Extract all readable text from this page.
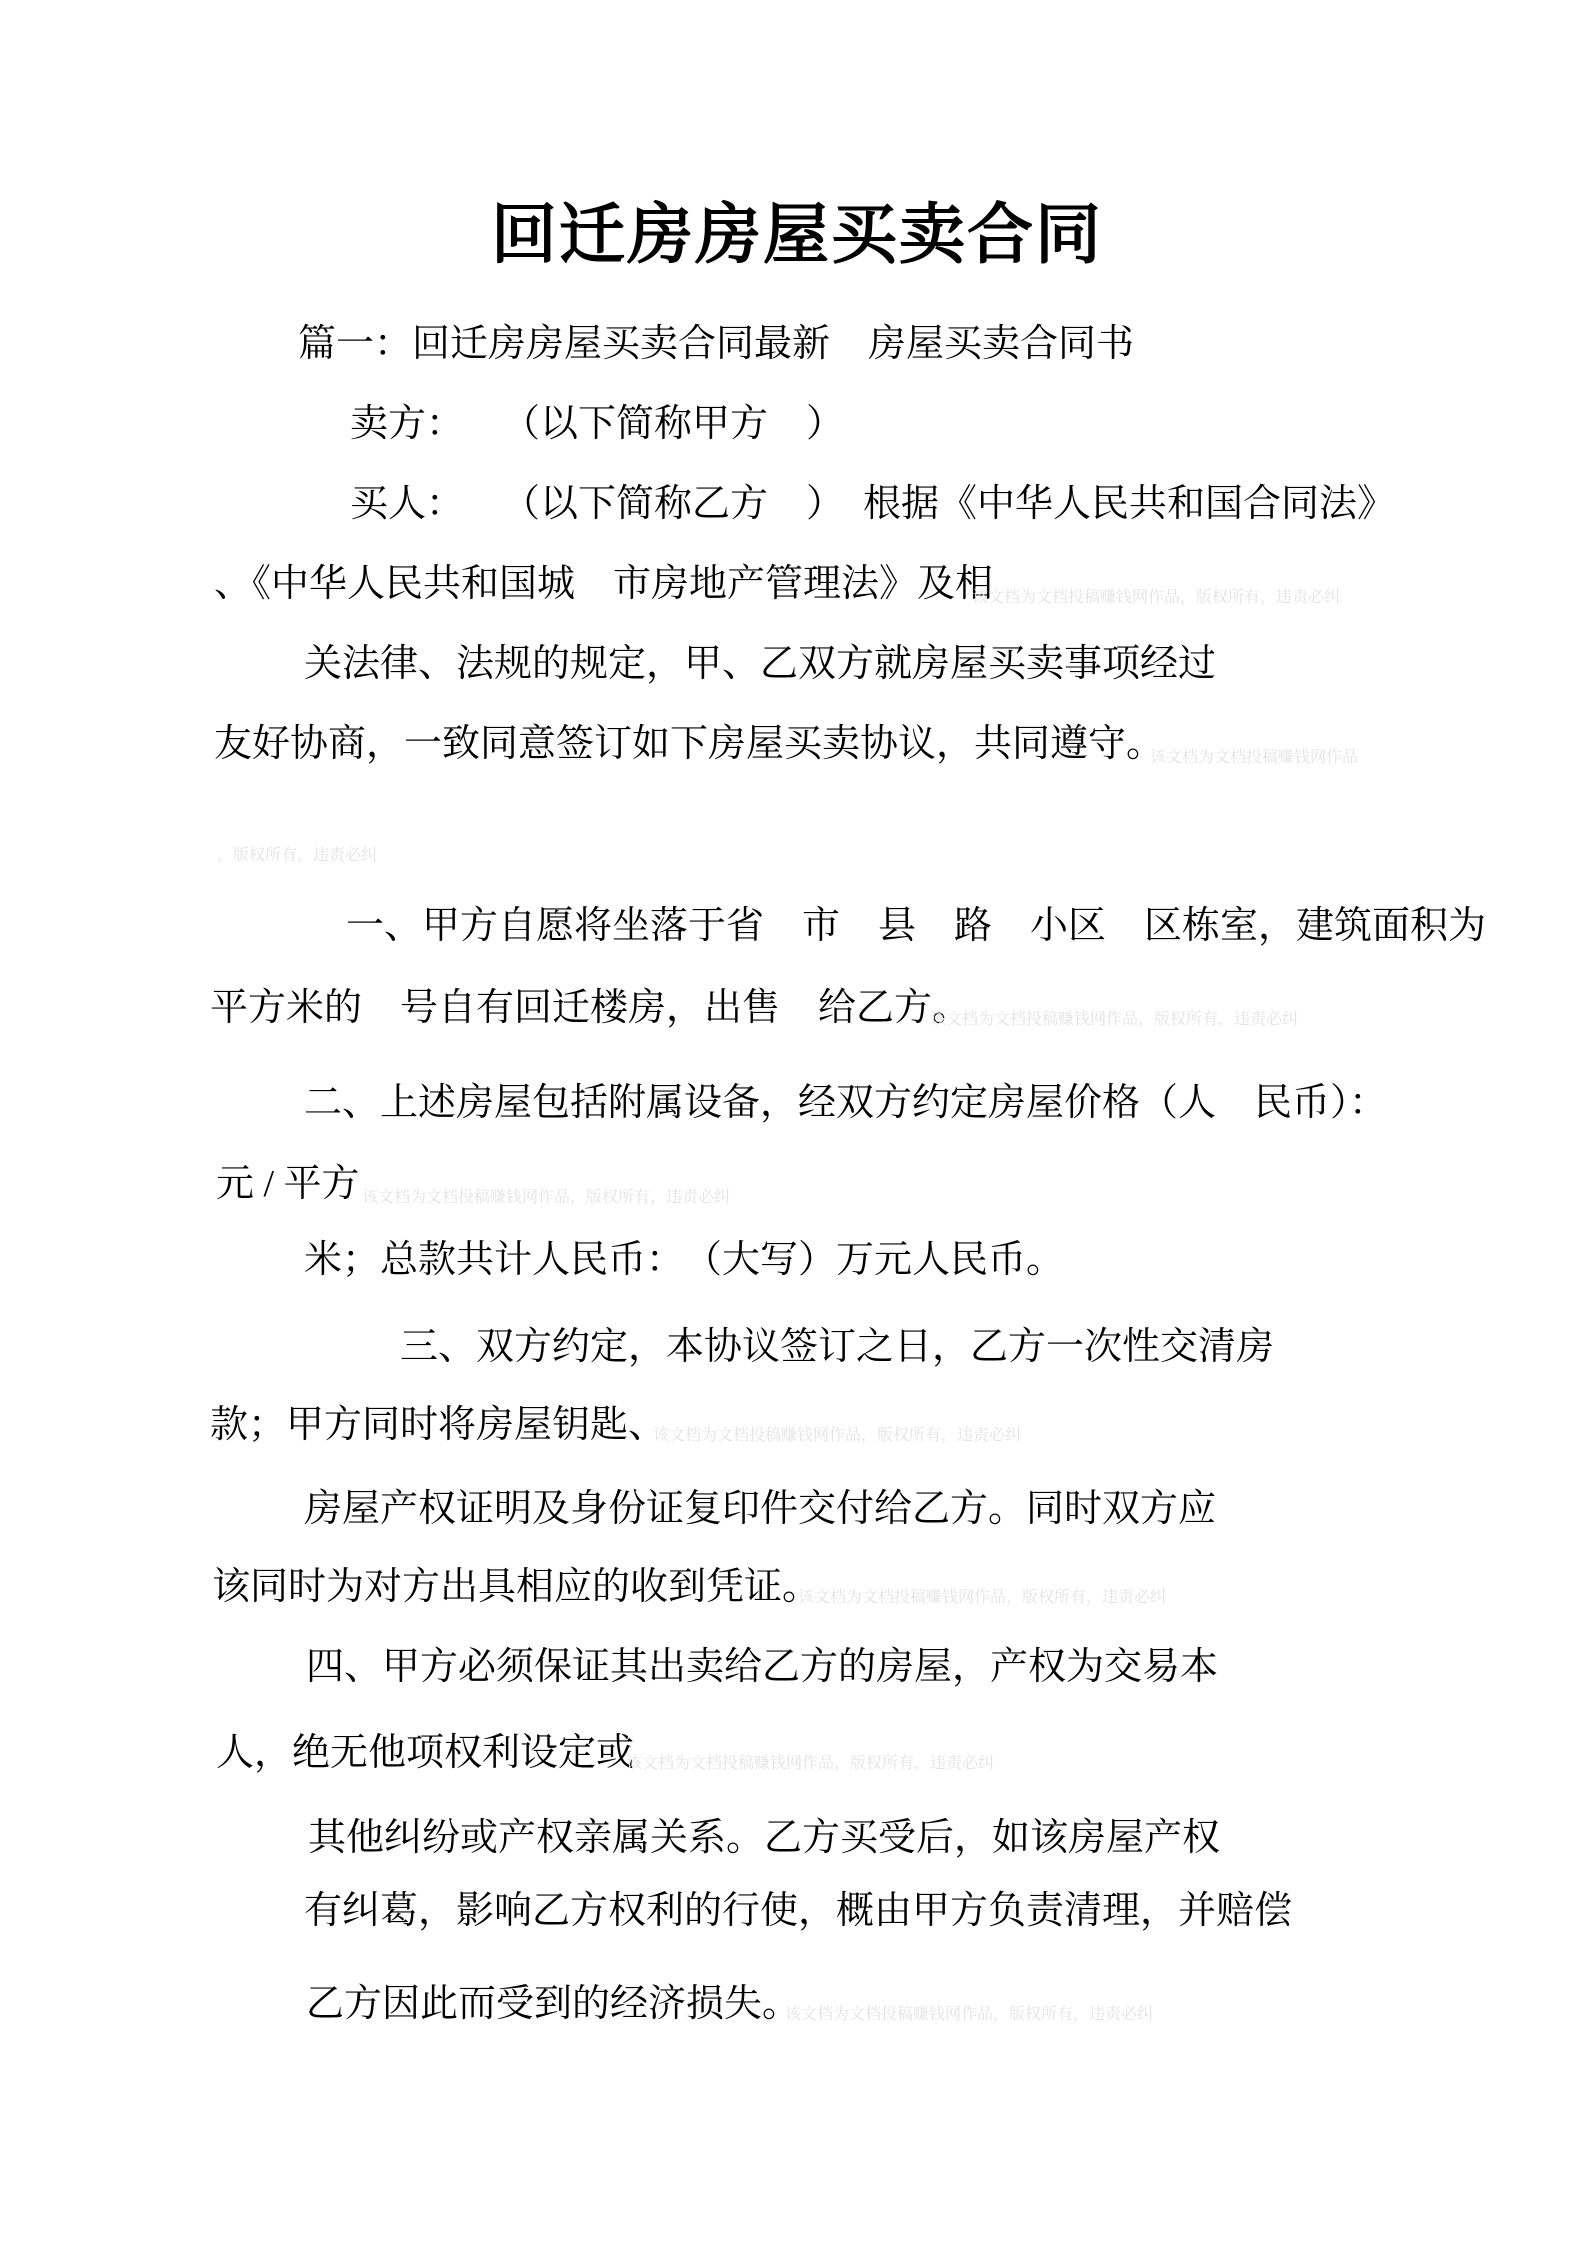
回迁房房屋买卖合同
篇一：回迁房房屋买卖合同最新　房屋买卖合同书
卖方：　　（以下简称甲方　）
买人：　　（以下简称乙方　）　根据《中华人民共和国合同法》
、《中华人民共和国城　市房地产管理法》及相
关法律、法规的规定，甲、乙双方就房屋买卖事项经过
友好协商，一致同意签订如下房屋买卖协议，共同遵守。
一、甲方自愿将坐落于省　市　县　路　小区　区栋室，建筑面积为
平方米的　号自有回迁楼房，出售　给乙方。
二、上述房屋包括附属设备，经双方约定房屋价格（人　民币）：
元 / 平方
米；总款共计人民币：　（大写）万元人民币。
三、双方约定，本协议签订之日，乙方一次性交清房
款；甲方同时将房屋钥匙、
房屋产权证明及身份证复印件交付给乙方。同时双方应
该同时为对方出具相应的收到凭证。
四、甲方必须保证其出卖给乙方的房屋，产权为交易本
人，绝无他项权利设定或
其他纠纷或产权亲属关系。乙方买受后，如该房屋产权
有纠葛，影响乙方权利的行使，概由甲方负责清理，并赔偿
乙方因此而受到的经济损失。
该文档为文档投稿赚钱网作品，版权所有，违责必纠
该文档为文档投稿赚钱网作品
，版权所有，违责必纠
该文档为文档投稿赚钱网作品，版权所有，违责必纠
该文档为文档投稿赚钱网作品，版权所有，违责必纠
该文档为文档投稿赚钱网作品，版权所有，违责必纠
该文档为文档投稿赚钱网作品，版权所有，违责必纠
该文档为文档投稿赚钱网作品，版权所有，违责必纠
该文档为文档投稿赚钱网作品，版权所有，违责必纠
